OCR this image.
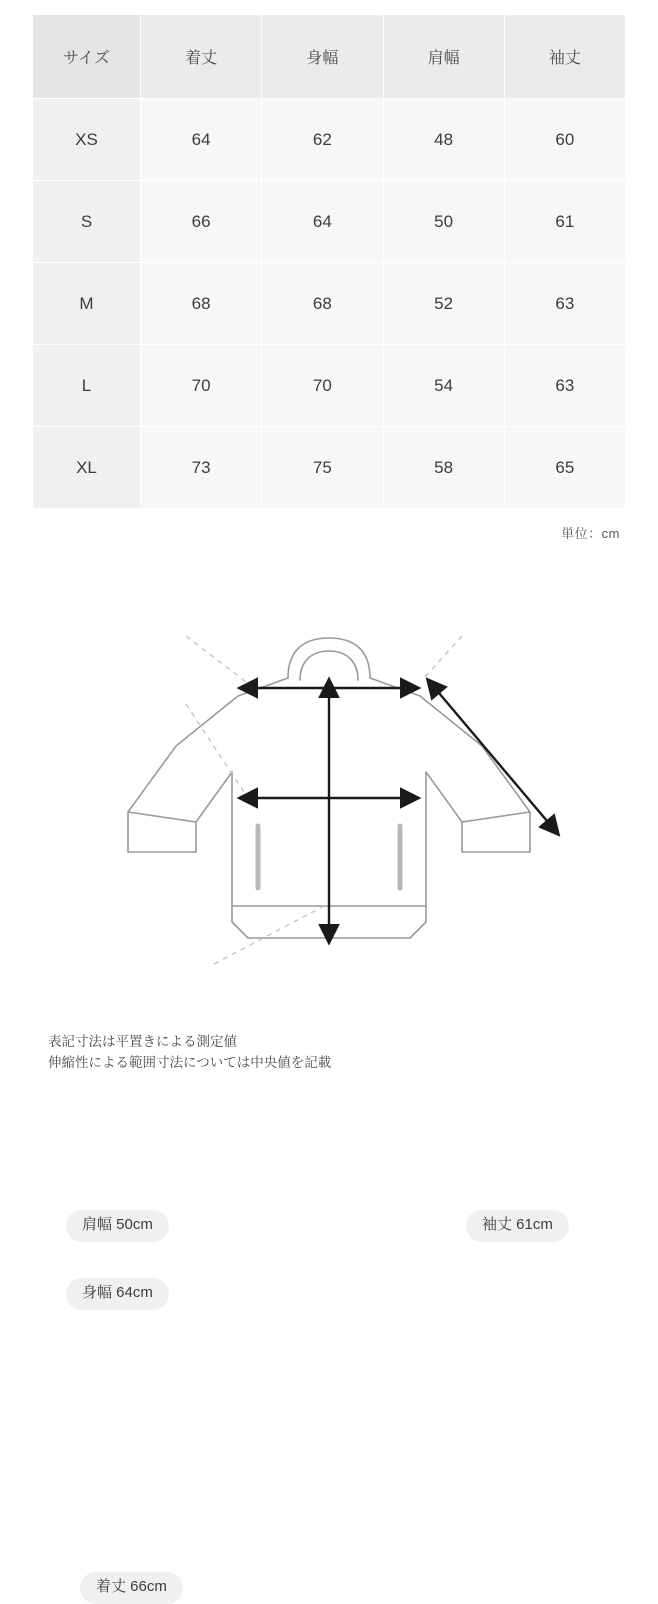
サイズ	着丈	身幅	肩幅	袖丈
XS	64	62	48	60
S	66	64	50	61
M	68	68	52	63
L	70	70	54	63
XL	73	75	58	65
単位：cm
肩幅 50cm	袖丈 61cm
身幅 64cm
着丈 66cm
表記寸法は平置きによる測定値
伸縮性による範囲寸法については中央値を記載
